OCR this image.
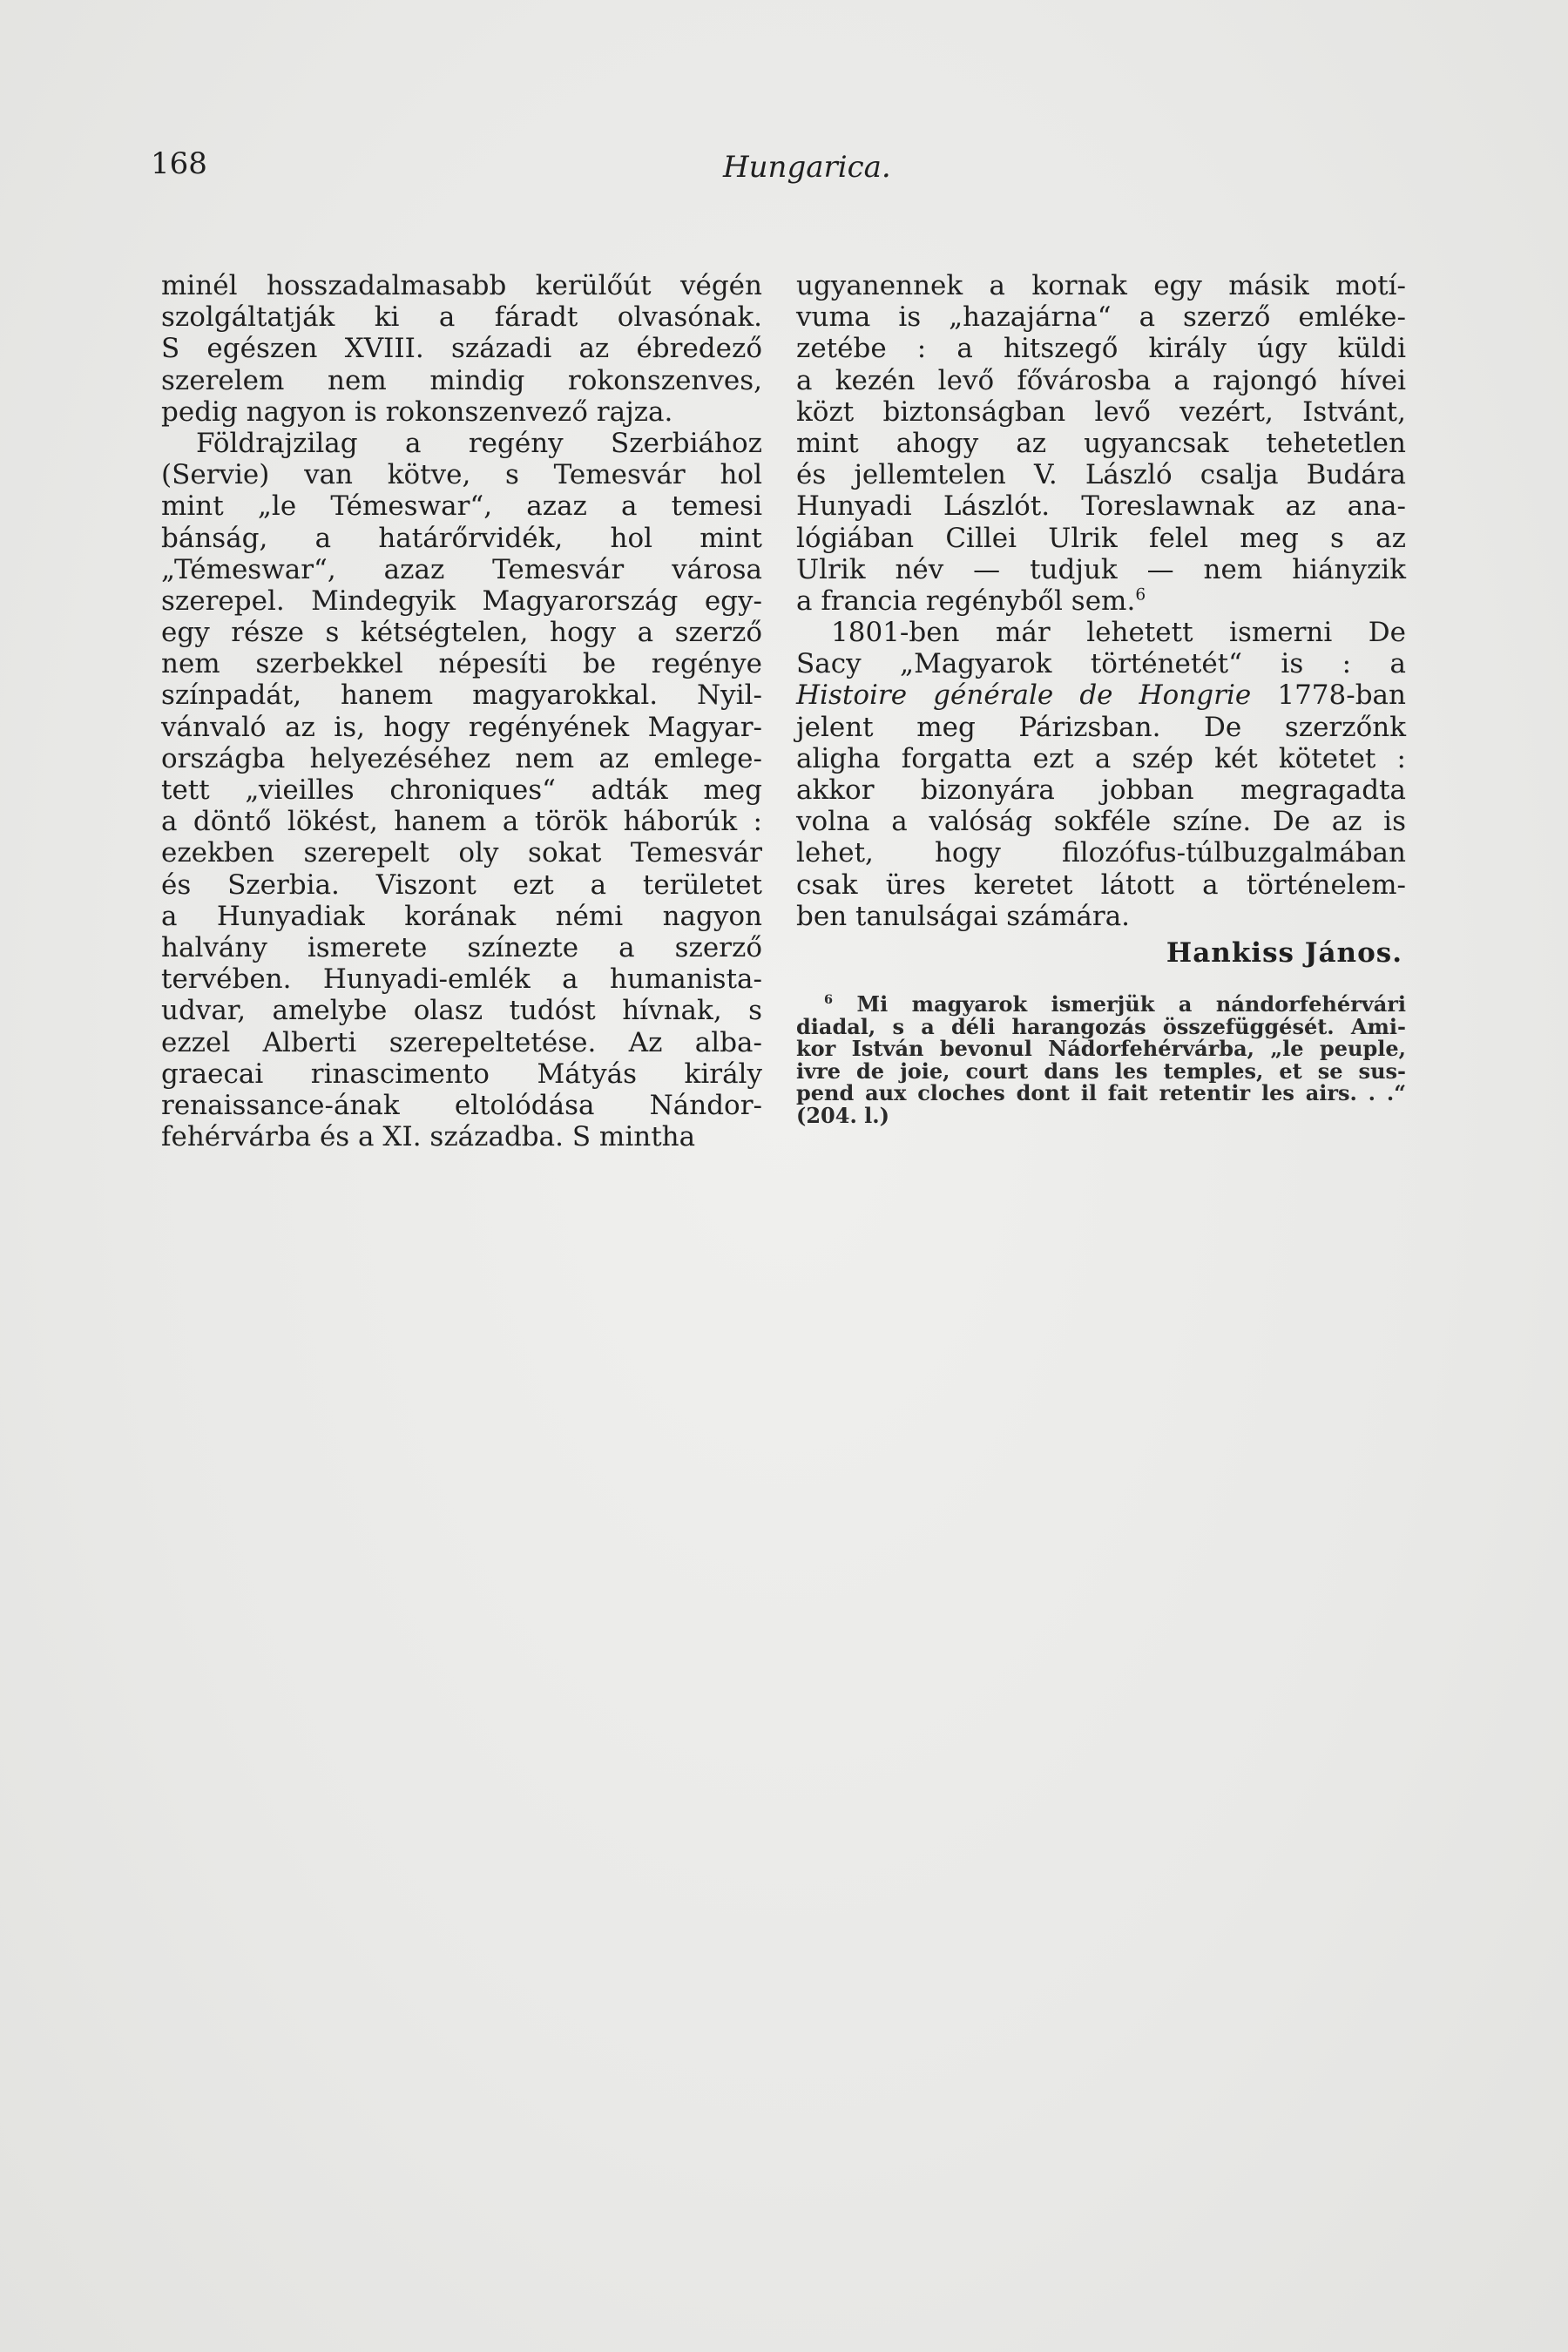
168	Hungarica.
minél hosszadalmasabb kerülőút végén
szolgáltatják ki a fáradt olvasónak.
S egészen XVIII. századi az ébredező
szerelem nem mindig rokonszenves,
pedig nagyon is rokonszenvező rajza.
Földrajzilag a regény Szerbiához
(Servie) van kötve, s Temesvár hol
mint „le Témeswar“, azaz a temesi
bánság, a határőrvidék, hol mint
„Témeswar“, azaz Temesvár városa
szerepel. Mindegyik Magyarország egy-
egy része s kétségtelen, hogy a szerző
nem szerbekkel népesíti be regénye
színpadát, hanem magyarokkal. Nyil-
vánvaló az is, hogy regényének Magyar-
országba helyezéséhez nem az emlege-
tett „vieilles chroniques“ adták meg
a döntő lökést, hanem a török háborúk :
ezekben szerepelt oly sokat Temesvár
és Szerbia. Viszont ezt a területet
a Hunyadiak korának némi nagyon
halvány ismerete színezte a szerző
tervében. Hunyadi-emlék a humanista-
udvar, amelybe olasz tudóst hívnak, s
ezzel Alberti szerepeltetése. Az alba-
graecai rinascimento Mátyás király
renaissance-ának eltolódása Nándor-
fehérvárba és a XI. századba. S mintha
ugyanennek a kornak egy másik motí-
vuma is „hazajárna“ a szerző emléke-
zetébe : a hitszegő király úgy küldi
a kezén levő fővárosba a rajongó hívei
közt biztonságban levő vezért, Istvánt,
mint ahogy az ugyancsak tehetetlen
és jellemtelen V. László csalja Budára
Hunyadi Lászlót. Toreslawnak az ana-
lógiában Cillei Ulrik felel meg s az
Ulrik név — tudjuk — nem hiányzik
a francia regényből sem.$^6$
1801-ben már lehetett ismerni De
Sacy „Magyarok történetét“ is : a
Histoire générale de Hongrie 1778-ban
jelent meg Párizsban. De szerzőnk
aligha forgatta ezt a szép két kötetet :
akkor bizonyára jobban megragadta
volna a valóság sokféle színe. De az is
lehet, hogy filozófus-túlbuzgalmában
csak üres keretet látott a történelem-
ben tanulságai számára.
Hankiss János.
$^6$ Mi magyarok ismerjük a nándorfehérvári
diadal, s a déli harangozás összefüggését. Ami-
kor István bevonul Nádorfehérvárba, „le peuple,
ivre de joie, court dans les temples, et se sus-
pend aux cloches dont il fait retentir les airs. . .“
(204. l.)
